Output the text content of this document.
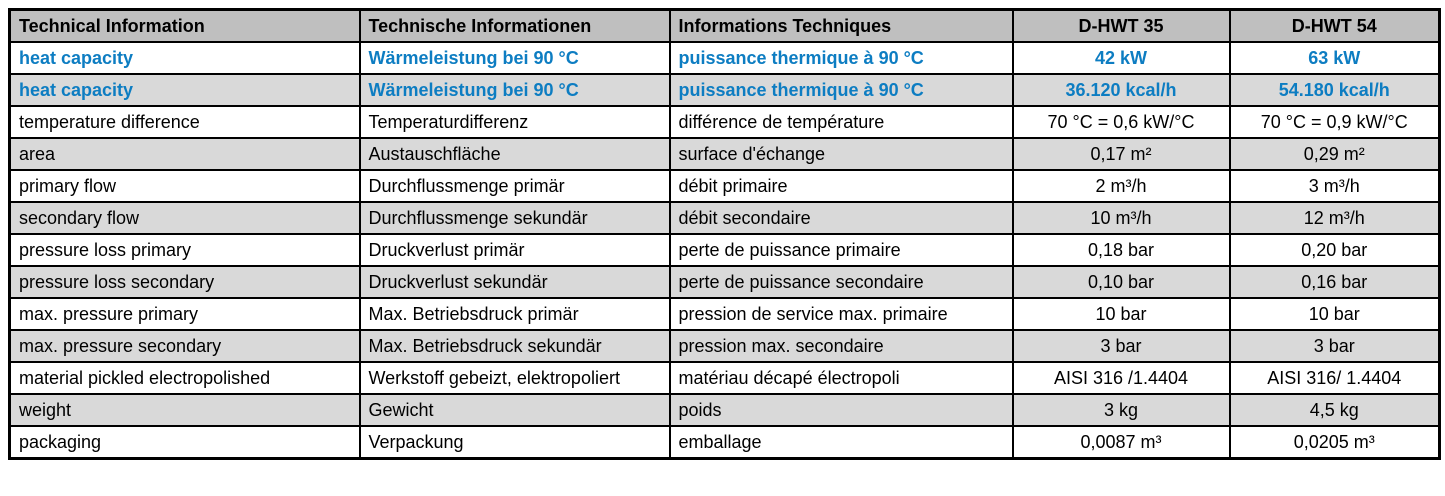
Technical Information	Technische Informationen	Informations Techniques	D-HWT 35	D-HWT 54
heat capacity	Wärmeleistung bei 90 °C	puissance thermique à 90 °C	42 kW	63 kW
heat capacity	Wärmeleistung bei 90 °C	puissance thermique à 90 °C	36.120 kcal/h	54.180 kcal/h
temperature difference	Temperaturdifferenz	différence de température	70 °C = 0,6 kW/°C	70 °C = 0,9 kW/°C
area	Austauschfläche	surface d'échange	0,17 m²	0,29 m²
primary flow	Durchflussmenge primär	débit primaire	2 m³/h	3 m³/h
secondary flow	Durchflussmenge sekundär	débit secondaire	10 m³/h	12 m³/h
pressure loss primary	Druckverlust primär	perte de puissance primaire	0,18 bar	0,20 bar
pressure loss secondary	Druckverlust sekundär	perte de puissance secondaire	0,10 bar	0,16 bar
max. pressure primary	Max. Betriebsdruck primär	pression de service max. primaire	10 bar	10 bar
max. pressure secondary	Max. Betriebsdruck sekundär	pression max. secondaire	3 bar	3 bar
material pickled electropolished	Werkstoff gebeizt, elektropoliert	matériau décapé électropoli	AISI 316 /1.4404	AISI 316/ 1.4404
weight	Gewicht	poids	3 kg	4,5 kg
packaging	Verpackung	emballage	0,0087 m³	0,0205 m³
